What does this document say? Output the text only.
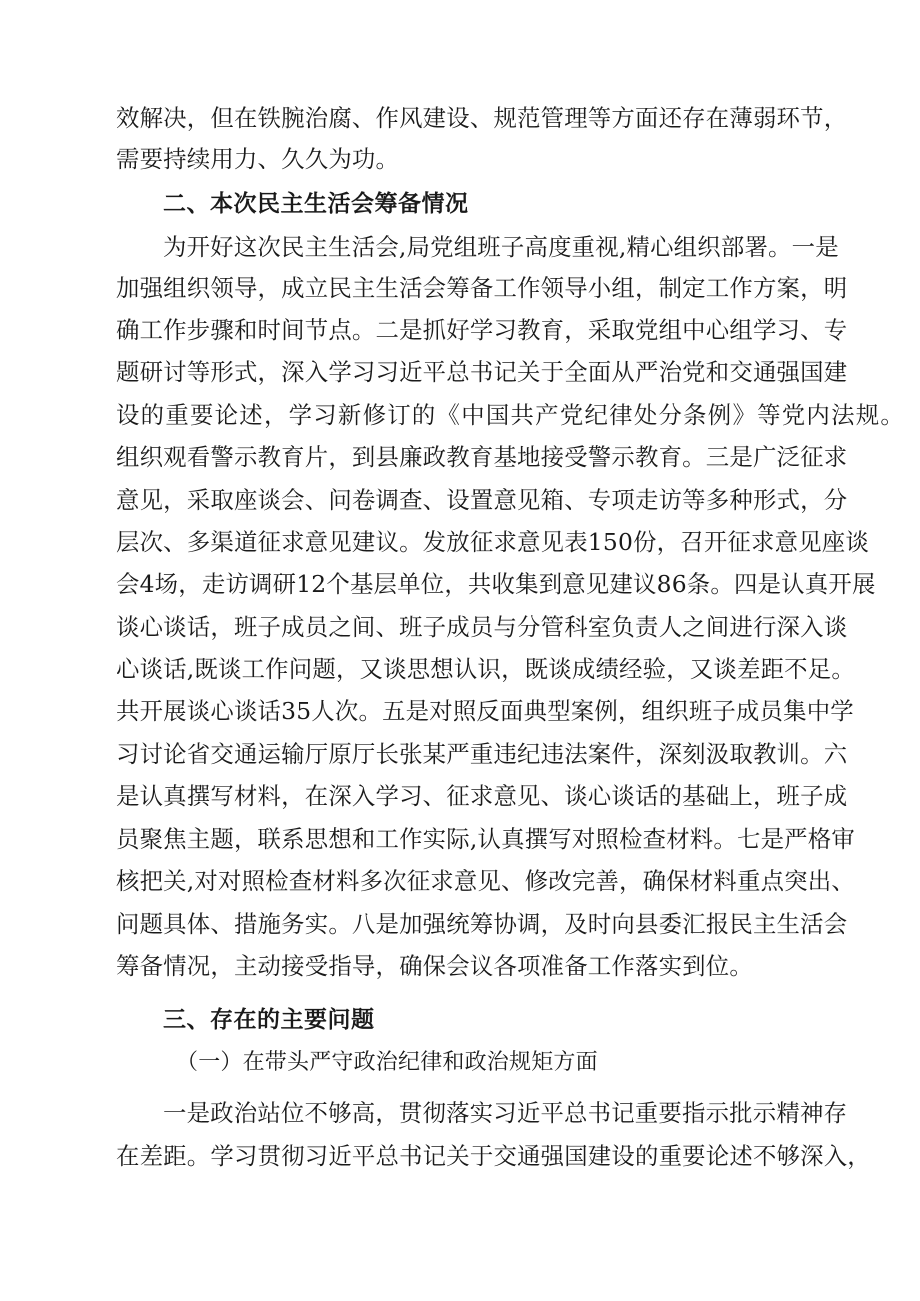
效解决，但在铁腕治腐、作风建设、规范管理等方面还存在薄弱环节，
需要持续用力、久久为功。
二、本次民主生活会筹备情况
为开好这次民主生活会,局党组班子高度重视,精心组织部署。一是
加强组织领导，成立民主生活会筹备工作领导小组，制定工作方案，明
确工作步骤和时间节点。二是抓好学习教育，采取党组中心组学习、专
题研讨等形式，深入学习习近平总书记关于全面从严治党和交通强国建
设的重要论述，学习新修订的《中国共产党纪律处分条例》等党内法规。
组织观看警示教育片，到县廉政教育基地接受警示教育。三是广泛征求
意见，采取座谈会、问卷调查、设置意见箱、专项走访等多种形式，分
层次、多渠道征求意见建议。发放征求意见表150份，召开征求意见座谈
会4场，走访调研12个基层单位，共收集到意见建议86条。四是认真开展
谈心谈话，班子成员之间、班子成员与分管科室负责人之间进行深入谈
心谈话,既谈工作问题，又谈思想认识，既谈成绩经验，又谈差距不足。
共开展谈心谈话35人次。五是对照反面典型案例，组织班子成员集中学
习讨论省交通运输厅原厅长张某严重违纪违法案件，深刻汲取教训。六
是认真撰写材料，在深入学习、征求意见、谈心谈话的基础上，班子成
员聚焦主题，联系思想和工作实际,认真撰写对照检查材料。七是严格审
核把关,对对照检查材料多次征求意见、修改完善，确保材料重点突出、
问题具体、措施务实。八是加强统筹协调，及时向县委汇报民主生活会
筹备情况，主动接受指导，确保会议各项准备工作落实到位。
三、存在的主要问题
（一）在带头严守政治纪律和政治规矩方面
一是政治站位不够高，贯彻落实习近平总书记重要指示批示精神存
在差距。学习贯彻习近平总书记关于交通强国建设的重要论述不够深入，
